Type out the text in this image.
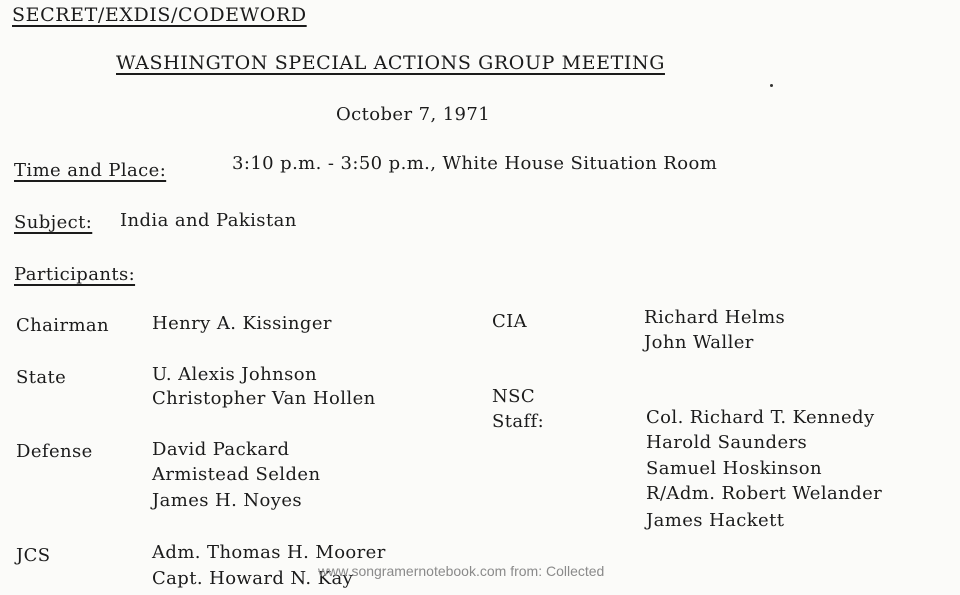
SECRET/EXDIS/CODEWORD
WASHINGTON SPECIAL ACTIONS GROUP MEETING
October 7, 1971
Time and Place:	3:10 p.m. - 3:50 p.m., White House Situation Room
Subject: India and Pakistan
Participants:
Chairman
State
Defense
JCS
Henry A. Kissinger
U. Alexis Johnson
Christopher Van Hollen
David Packard
Armistead Selden
James H. Noyes
Adm. Thomas H. Moorer
Capt. Howard N. Kay
CIA
NSC
Staff:
Richard Helms
John Waller
Col. Richard T. Kennedy
Harold Saunders
Samuel Hoskinson
R/Adm. Robert Welander
James Hackett
www.songramernotebook.com from: Collected
